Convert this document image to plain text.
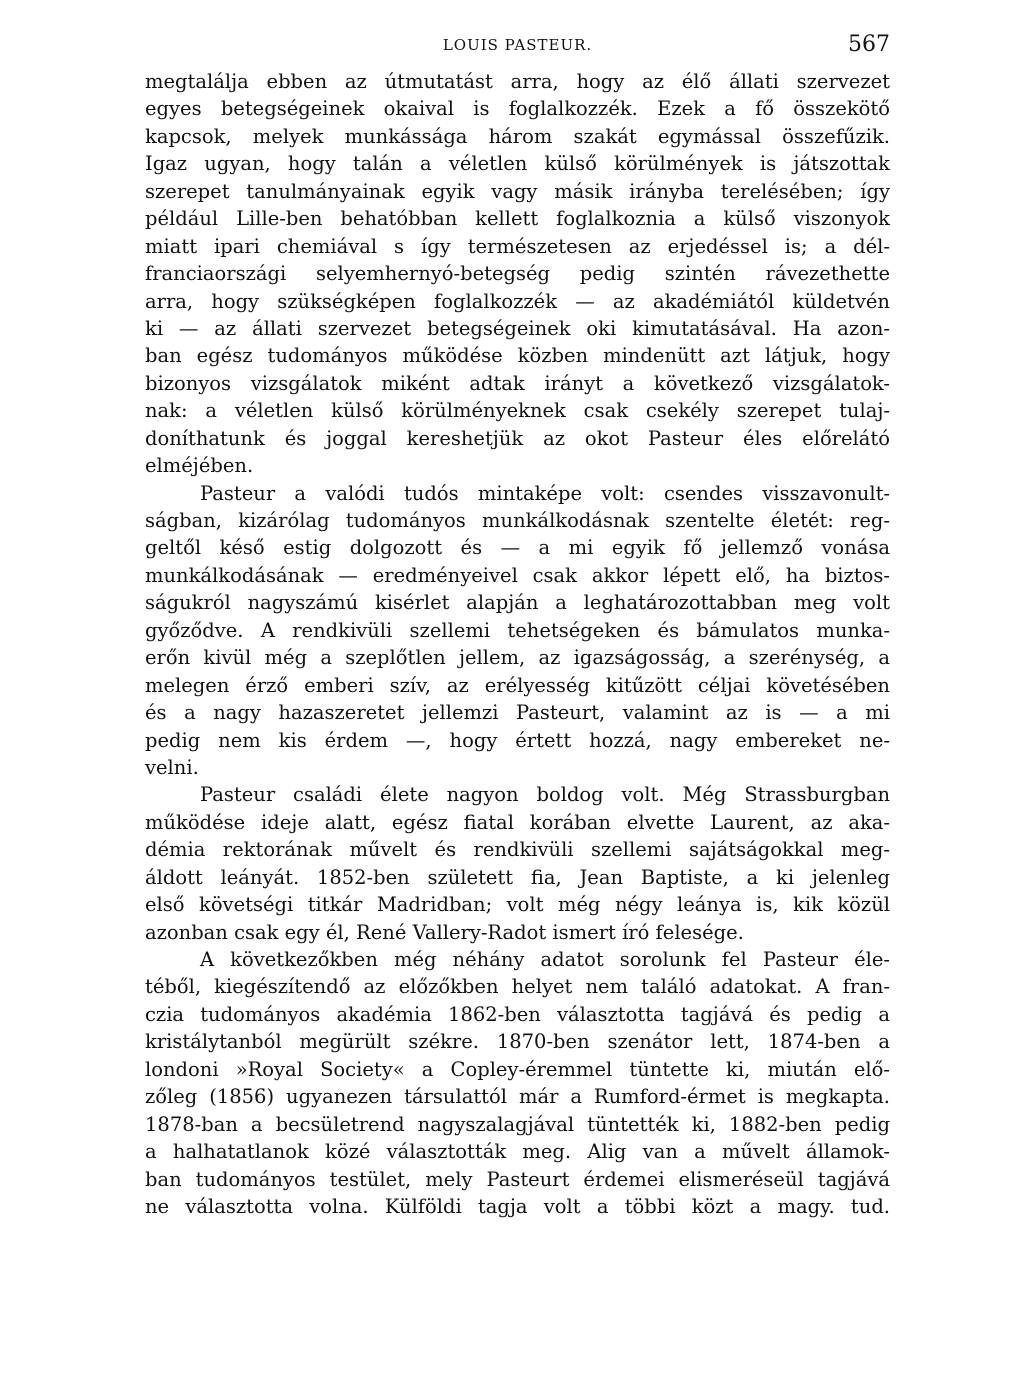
LOUIS PASTEUR.	567
megtalálja ebben az útmutatást arra, hogy az élő állati szervezet
egyes betegségeinek okaival is foglalkozzék. Ezek a fő összekötő
kapcsok, melyek munkássága három szakát egymással összefűzik.
Igaz ugyan, hogy talán a véletlen külső körülmények is játszottak
szerepet tanulmányainak egyik vagy másik irányba terelésében; így
például Lille-ben behatóbban kellett foglalkoznia a külső viszonyok
miatt ipari chemiával s így természetesen az erjedéssel is; a dél-
franciaországi selyemhernyó-betegség pedig szintén rávezethette
arra, hogy szükségképen foglalkozzék — az akadémiától küldetvén
ki — az állati szervezet betegségeinek oki kimutatásával. Ha azon-
ban egész tudományos működése közben mindenütt azt látjuk, hogy
bizonyos vizsgálatok miként adtak irányt a következő vizsgálatok-
nak: a véletlen külső körülményeknek csak csekély szerepet tulaj-
doníthatunk és joggal kereshetjük az okot Pasteur éles előrelátó
elméjében.
Pasteur a valódi tudós mintaképe volt: csendes visszavonult-
ságban, kizárólag tudományos munkálkodásnak szentelte életét: reg-
geltől késő estig dolgozott és — a mi egyik fő jellemző vonása
munkálkodásának — eredményeivel csak akkor lépett elő, ha biztos-
ságukról nagyszámú kisérlet alapján a leghatározottabban meg volt
győződve. A rendkivüli szellemi tehetségeken és bámulatos munka-
erőn kivül még a szeplőtlen jellem, az igazságosság, a szerénység, a
melegen érző emberi szív, az erélyesség kitűzött céljai követésében
és a nagy hazaszeretet jellemzi Pasteurt, valamint az is — a mi
pedig nem kis érdem —, hogy értett hozzá, nagy embereket ne-
velni.
Pasteur családi élete nagyon boldog volt. Még Strassburgban
működése ideje alatt, egész fiatal korában elvette Laurent, az aka-
démia rektorának művelt és rendkivüli szellemi sajátságokkal meg-
áldott leányát. 1852-ben született fia, Jean Baptiste, a ki jelenleg
első követségi titkár Madridban; volt még négy leánya is, kik közül
azonban csak egy él, René Vallery-Radot ismert író felesége.
A következőkben még néhány adatot sorolunk fel Pasteur éle-
téből, kiegészítendő az előzőkben helyet nem találó adatokat. A fran-
czia tudományos akadémia 1862-ben választotta tagjává és pedig a
kristálytanból megürült székre. 1870-ben szenátor lett, 1874-ben a
londoni »Royal Society« a Copley-éremmel tüntette ki, miután elő-
zőleg (1856) ugyanezen társulattól már a Rumford-érmet is megkapta.
1878-ban a becsületrend nagyszalagjával tüntették ki, 1882-ben pedig
a halhatatlanok közé választották meg. Alig van a művelt államok-
ban tudományos testület, mely Pasteurt érdemei elismeréseül tagjává
ne választotta volna. Külföldi tagja volt a többi közt a magy. tud.
